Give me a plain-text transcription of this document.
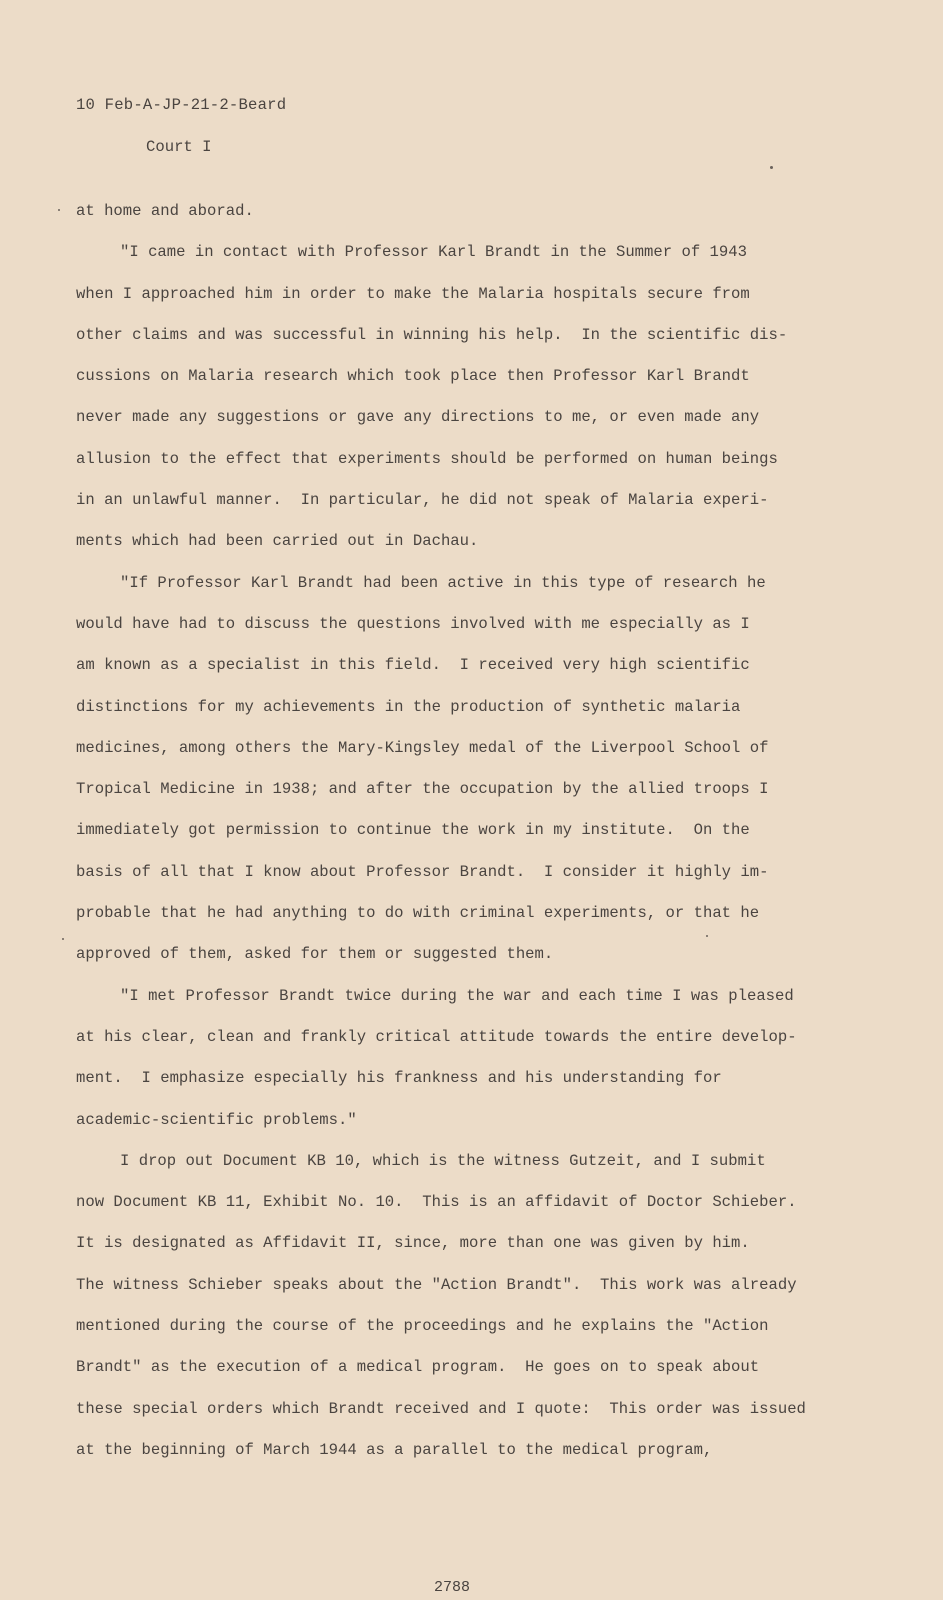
10 Feb-A-JP-21-2-Beard
Court I
at home and aborad.
"I came in contact with Professor Karl Brandt in the Summer of 1943
when I approached him in order to make the Malaria hospitals secure from
other claims and was successful in winning his help.  In the scientific dis-
cussions on Malaria research which took place then Professor Karl Brandt
never made any suggestions or gave any directions to me, or even made any
allusion to the effect that experiments should be performed on human beings
in an unlawful manner.  In particular, he did not speak of Malaria experi-
ments which had been carried out in Dachau.
"If Professor Karl Brandt had been active in this type of research he
would have had to discuss the questions involved with me especially as I
am known as a specialist in this field.  I received very high scientific
distinctions for my achievements in the production of synthetic malaria
medicines, among others the Mary-Kingsley medal of the Liverpool School of
Tropical Medicine in 1938; and after the occupation by the allied troops I
immediately got permission to continue the work in my institute.  On the
basis of all that I know about Professor Brandt.  I consider it highly im-
probable that he had anything to do with criminal experiments, or that he
approved of them, asked for them or suggested them.
"I met Professor Brandt twice during the war and each time I was pleased
at his clear, clean and frankly critical attitude towards the entire develop-
ment.  I emphasize especially his frankness and his understanding for
academic-scientific problems."
I drop out Document KB 10, which is the witness Gutzeit, and I submit
now Document KB 11, Exhibit No. 10.  This is an affidavit of Doctor Schieber.
It is designated as Affidavit II, since, more than one was given by him.
The witness Schieber speaks about the "Action Brandt".  This work was already
mentioned during the course of the proceedings and he explains the "Action
Brandt" as the execution of a medical program.  He goes on to speak about
these special orders which Brandt received and I quote:  This order was issued
at the beginning of March 1944 as a parallel to the medical program,
2788
